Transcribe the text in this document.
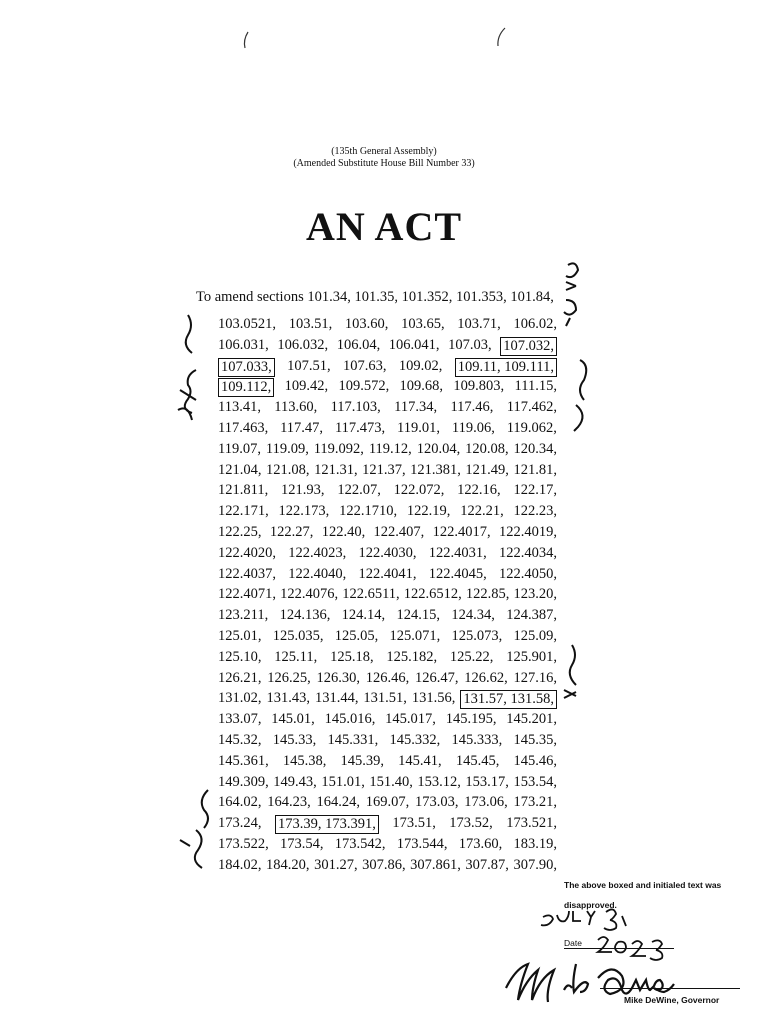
(135th General Assembly)
(Amended Substitute House Bill Number 33)
AN ACT
To amend sections 101.34, 101.35, 101.352, 101.353, 101.84,
103.0521, 103.51, 103.60, 103.65, 103.71, 106.02,
106.031, 106.032, 106.04, 106.041, 107.03, 107.032,
107.033, 107.51, 107.63, 109.02, 109.11, 109.111,
109.112, 109.42, 109.572, 109.68, 109.803, 111.15,
113.41, 113.60, 117.103, 117.34, 117.46, 117.462,
117.463, 117.47, 117.473, 119.01, 119.06, 119.062,
119.07, 119.09, 119.092, 119.12, 120.04, 120.08, 120.34,
121.04, 121.08, 121.31, 121.37, 121.381, 121.49, 121.81,
121.811, 121.93, 122.07, 122.072, 122.16, 122.17,
122.171, 122.173, 122.1710, 122.19, 122.21, 122.23,
122.25, 122.27, 122.40, 122.407, 122.4017, 122.4019,
122.4020, 122.4023, 122.4030, 122.4031, 122.4034,
122.4037, 122.4040, 122.4041, 122.4045, 122.4050,
122.4071, 122.4076, 122.6511, 122.6512, 122.85, 123.20,
123.211, 124.136, 124.14, 124.15, 124.34, 124.387,
125.01, 125.035, 125.05, 125.071, 125.073, 125.09,
125.10, 125.11, 125.18, 125.182, 125.22, 125.901,
126.21, 126.25, 126.30, 126.46, 126.47, 126.62, 127.16,
131.02, 131.43, 131.44, 131.51, 131.56, 131.57, 131.58,
133.07, 145.01, 145.016, 145.017, 145.195, 145.201,
145.32, 145.33, 145.331, 145.332, 145.333, 145.35,
145.361, 145.38, 145.39, 145.41, 145.45, 145.46,
149.309, 149.43, 151.01, 151.40, 153.12, 153.17, 153.54,
164.02, 164.23, 164.24, 169.07, 173.03, 173.06, 173.21,
173.24, 173.39, 173.391, 173.51, 173.52, 173.521,
173.522, 173.54, 173.542, 173.544, 173.60, 183.19,
184.02, 184.20, 301.27, 307.86, 307.861, 307.87, 307.90,
The above boxed and initialed text was
disapproved.
Date
Mike DeWine, Governor
